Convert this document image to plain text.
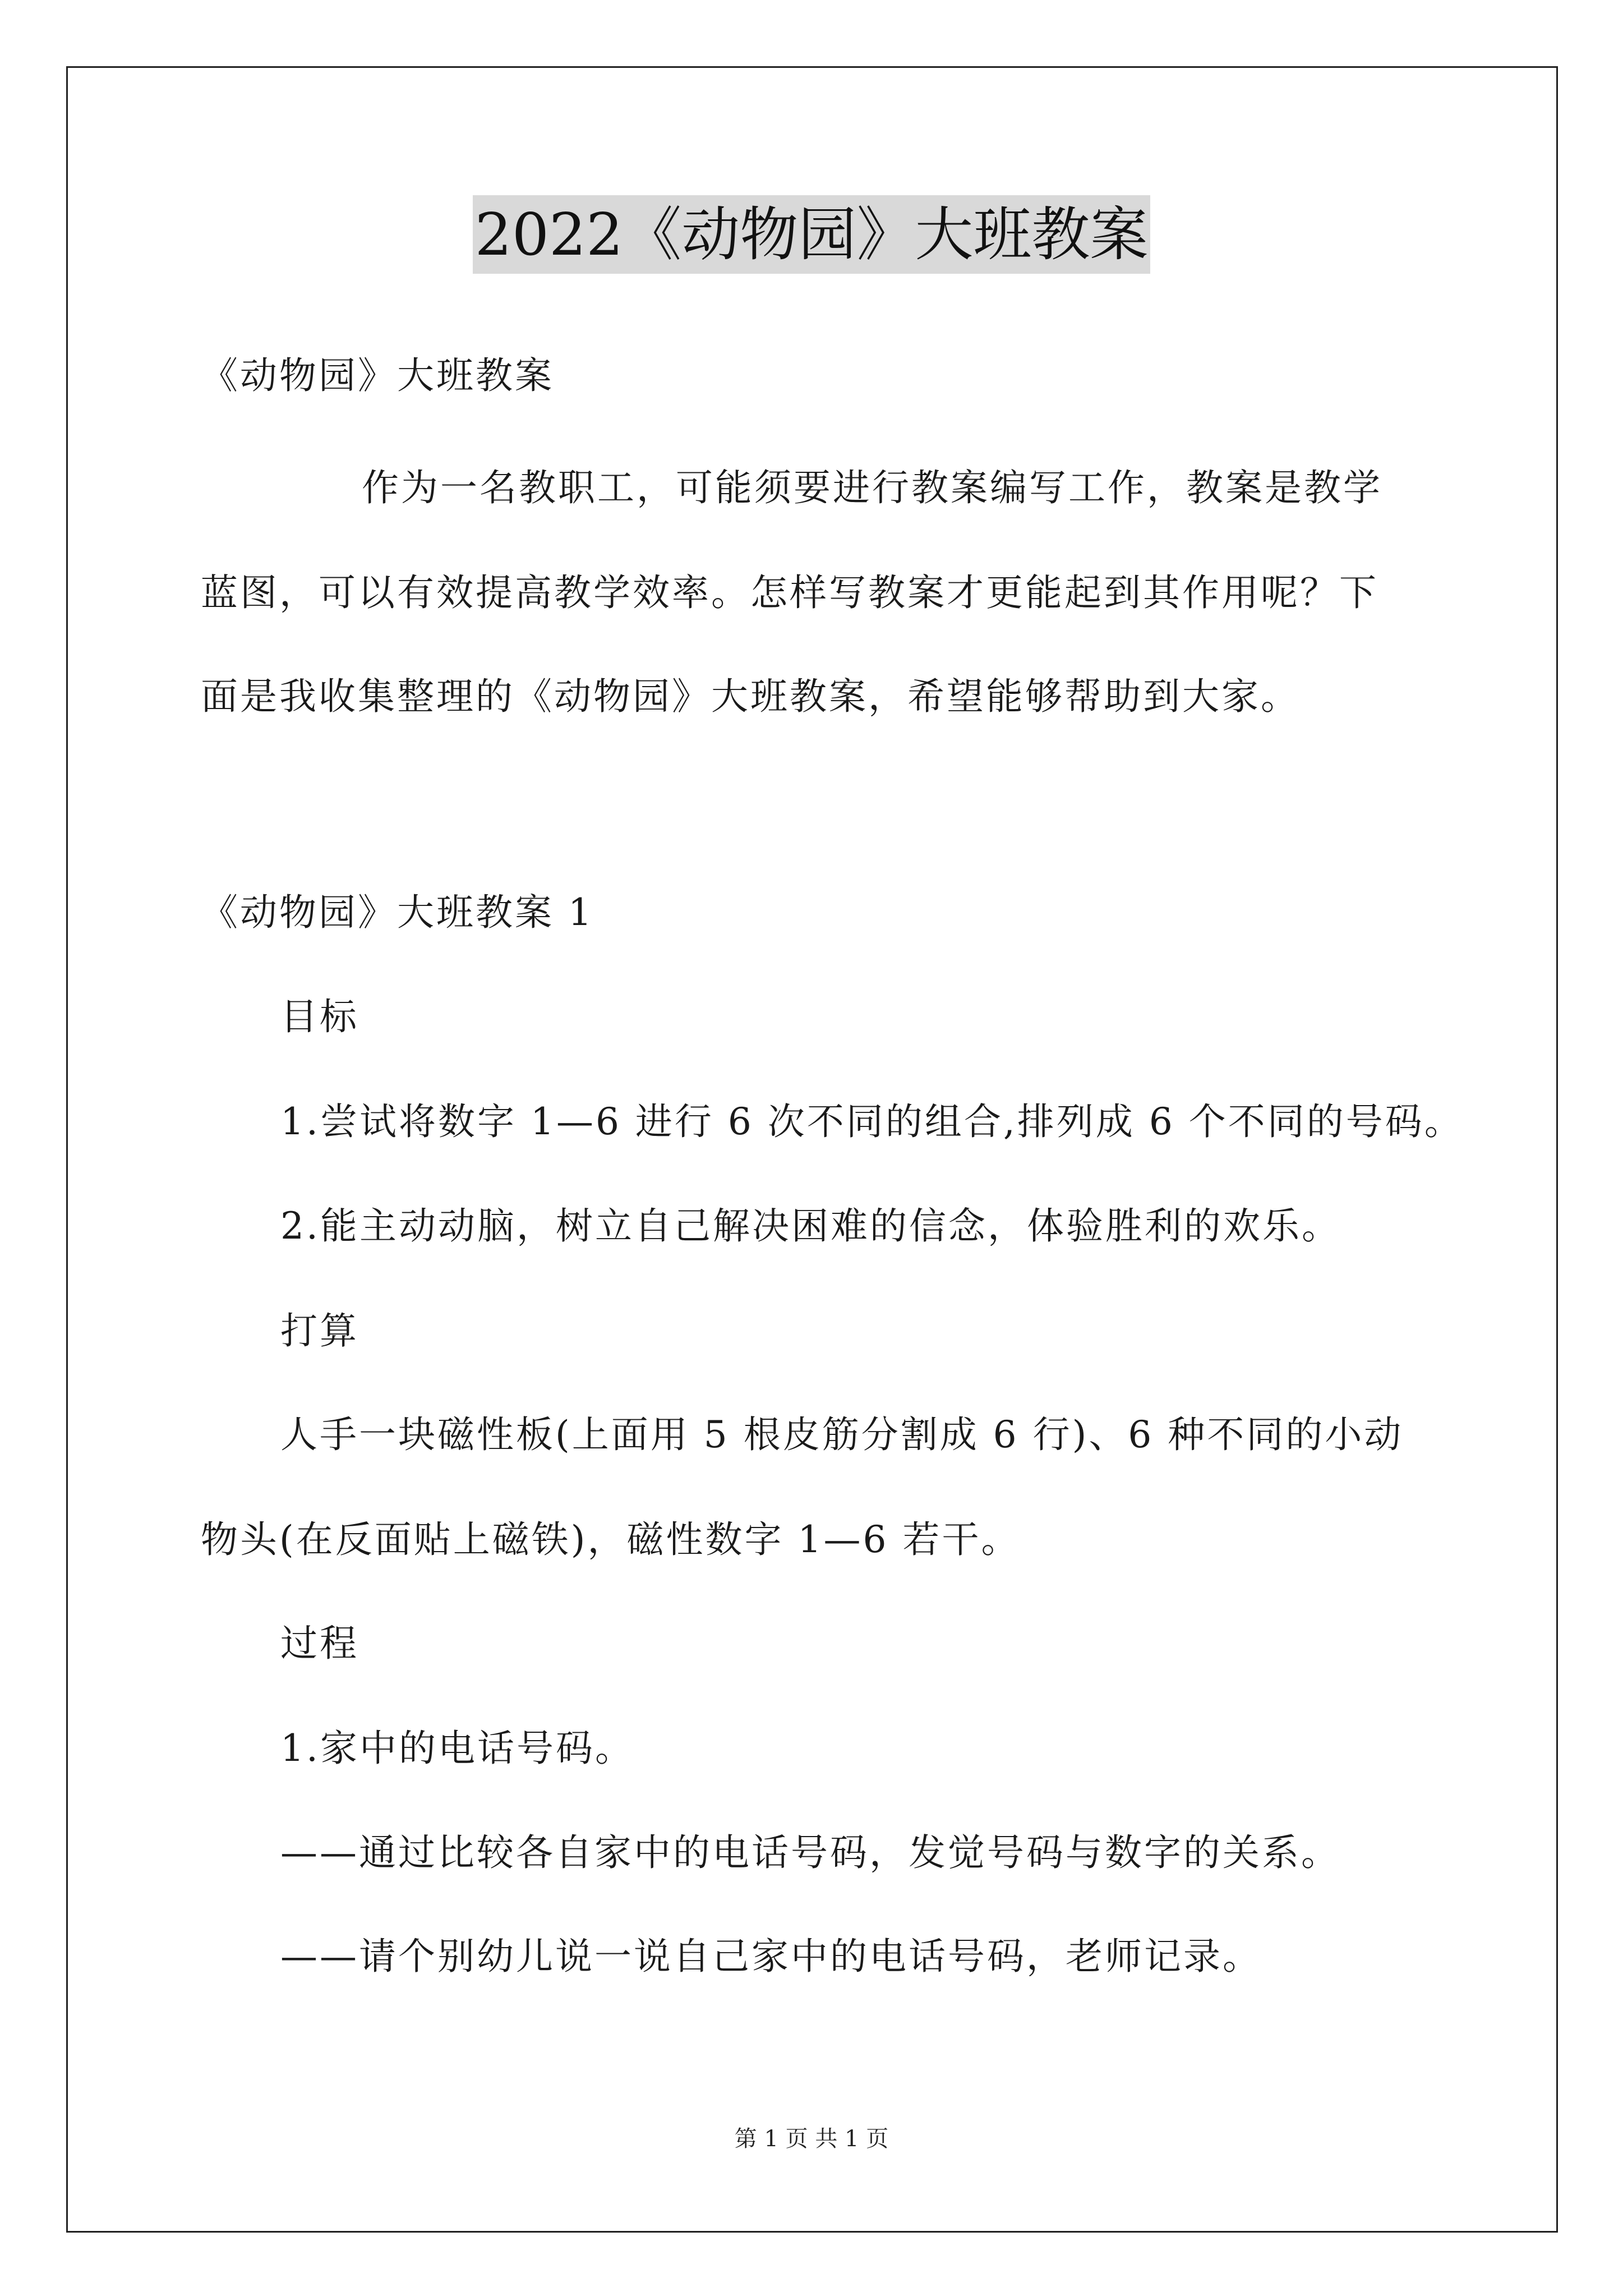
2022《动物园》大班教案
《动物园》大班教案
作为一名教职工，可能须要进行教案编写工作，教案是教学
蓝图，可以有效提高教学效率。怎样写教案才更能起到其作用呢？下
面是我收集整理的《动物园》大班教案，希望能够帮助到大家。
《动物园》大班教案 1
目标
1.尝试将数字 1—6 进行 6 次不同的组合,排列成 6 个不同的号码。
2.能主动动脑，树立自己解决困难的信念，体验胜利的欢乐。
打算
人手一块磁性板(上面用 5 根皮筋分割成 6 行)、6 种不同的小动
物头(在反面贴上磁铁)，磁性数字 1—6 若干。
过程
1.家中的电话号码。
——通过比较各自家中的电话号码，发觉号码与数字的关系。
——请个别幼儿说一说自己家中的电话号码，老师记录。
第 1 页 共 1 页
